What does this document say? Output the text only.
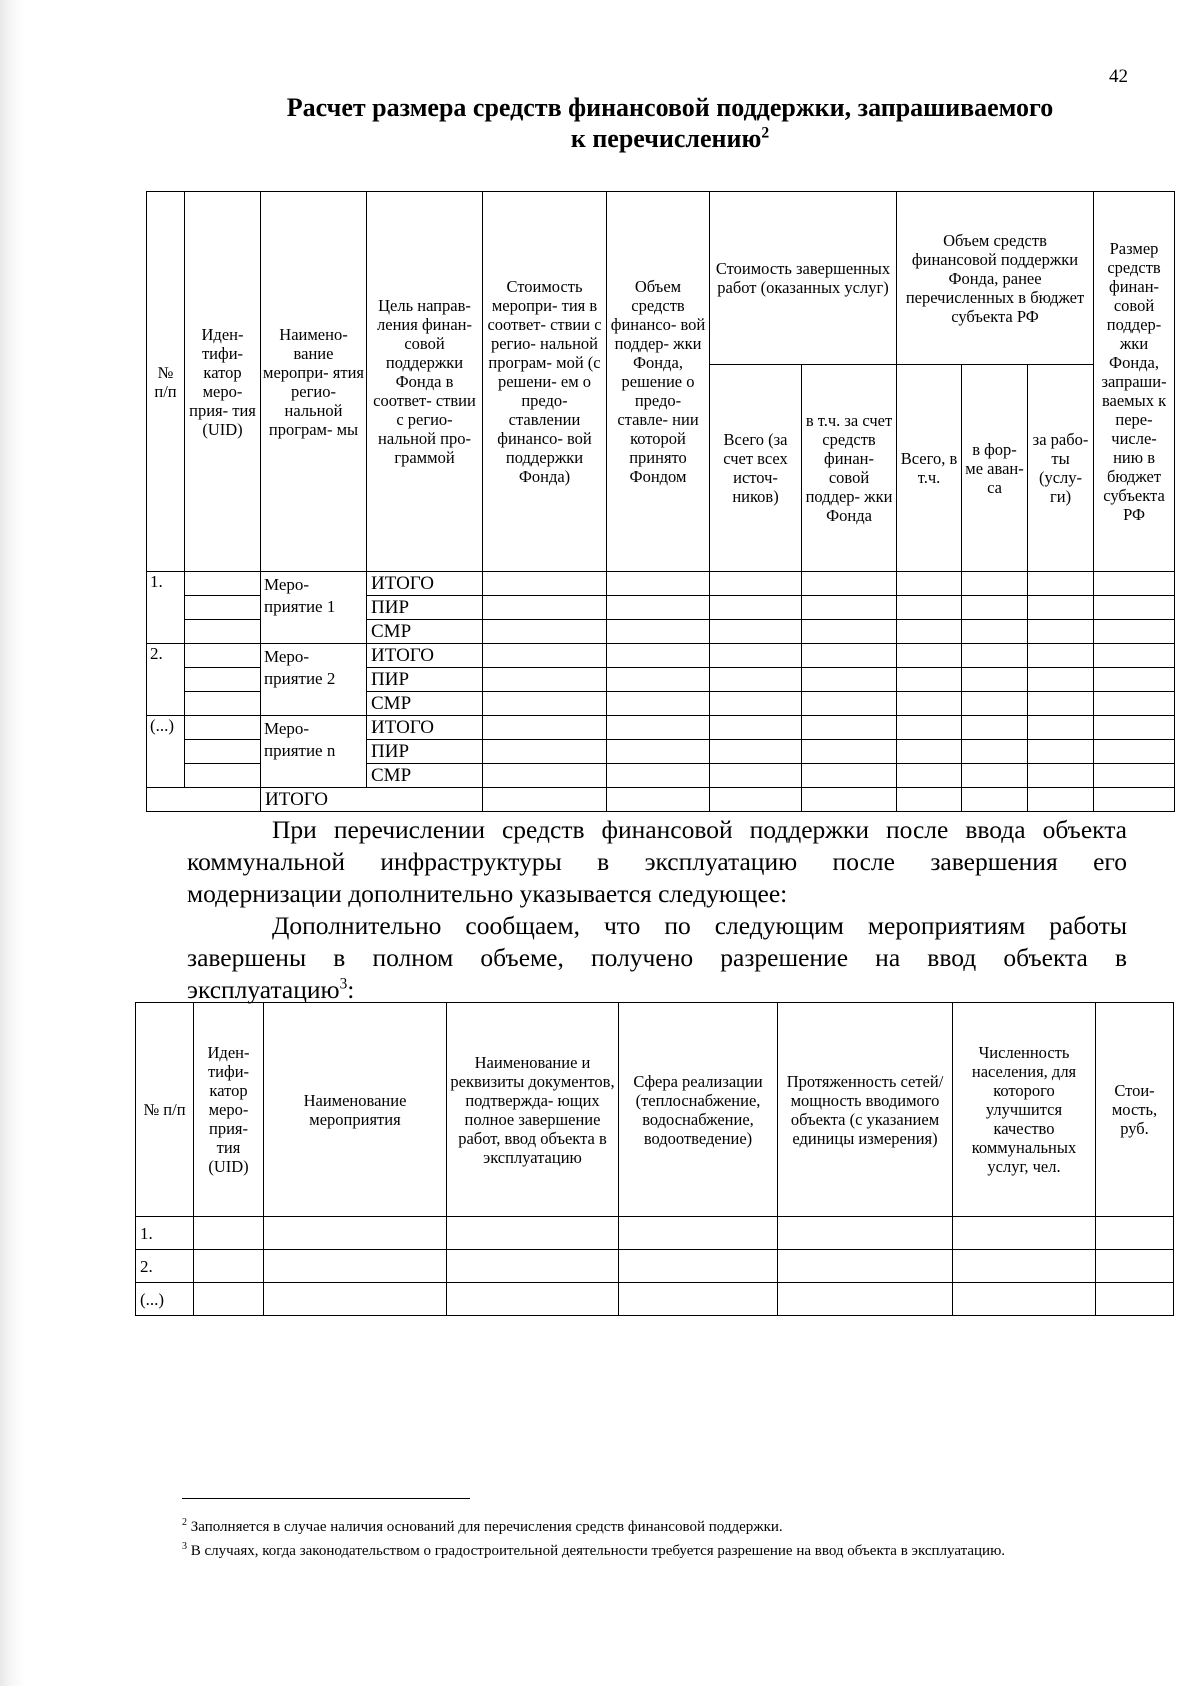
42
Расчет размера средств финансовой поддержки, запрашиваемого
к перечислению$^2$
№ п/п	Иден- тифи- катор меро- прия- тия (UID)	Наимено- вание меропри- ятия регио- нальной програм- мы	Цель направ- ления финан- совой поддержки Фонда в соответ- ствии с регио- нальной про- граммой	Стоимость меропри- тия в соответ- ствии с регио- нальной програм- мой (с решени- ем о предо- ставлении финансо- вой поддержки Фонда)	Объем средств финансо- вой поддер- жки Фонда, решение о предо- ставле- нии которой принято Фондом	Стоимость завершенных работ (оказанных услуг)		Объем средств финансовой поддержки Фонда, ранее перечисленных в бюджет субъекта РФ			Размер средств финан- совой поддер- жки Фонда, запраши- ваемых к пере- числе- нию в бюджет субъекта РФ
						Всего (за счет всех источ- ников)	в т.ч. за счет средств финан- совой поддер- жки Фонда	Всего, в т.ч.	в фор- ме аван- са	за рабо- ты (услу- ги)	
1.		Меро- приятие 1	ИТОГО								
			ПИР								
			СМР								
2.		Меро- приятие 2	ИТОГО								
			ПИР								
			СМР								
(...)		Меро- приятие n	ИТОГО								
			ПИР								
			СМР								
		ИТОГО									
При перечислении средств финансовой поддержки после ввода объекта
коммунальной инфраструктуры в эксплуатацию после завершения его
модернизации дополнительно указывается следующее:
Дополнительно сообщаем, что по следующим мероприятиям работы
завершены в полном объеме, получено разрешение на ввод объекта в
эксплуатацию$^3$:
№ п/п	Иден- тифи- катор меро- прия- тия (UID)	Наименование мероприятия	Наименование и реквизиты документов, подтвержда- ющих полное завершение работ, ввод объекта в эксплуатацию	Сфера реализации (теплоснабжение, водоснабжение, водоотведение)	Протяженность сетей/мощность вводимого объекта (с указанием единицы измерения)	Численность населения, для которого улучшится качество коммунальных услуг, чел.	Стои- мость, руб.
1.							
2.							
(...)							
$^2$ Заполняется в случае наличия оснований для перечисления средств финансовой поддержки.
$^3$ В случаях, когда законодательством о градостроительной деятельности требуется разрешение на ввод объекта в эксплуатацию.
